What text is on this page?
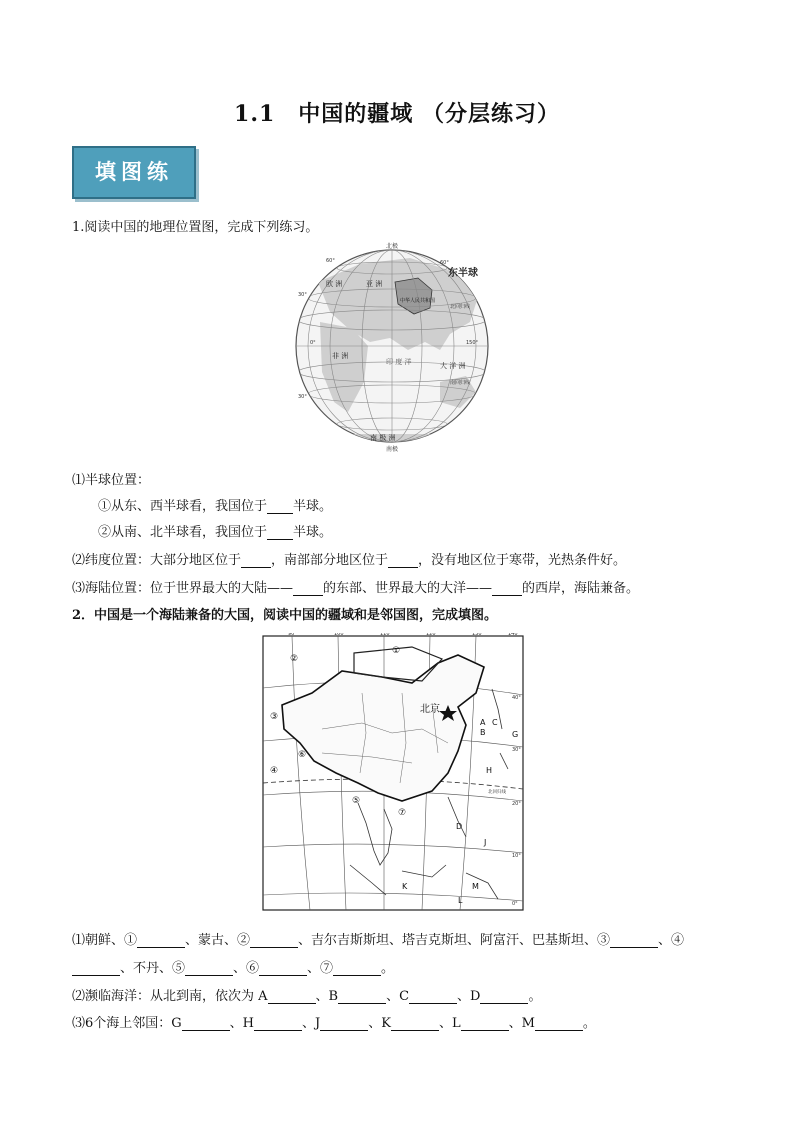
1.1　中国的疆域 （分层练习）
填图练
1.阅读中国的地理位置图，完成下列练习。
北极
南极
东半球
中华人民共和国
北回归线
南回归线
60°
30°
0°
30°
60°
150°
亚 洲
欧 洲
非 洲
大 洋 洲
南 极 洲
印 度 洋
⑴半球位置：
①从东、西半球看，我国位于 半球。
②从南、北半球看，我国位于 半球。
⑵纬度位置：大部分地区位于 ，南部部分地区位于 ，没有地区位于寒带，光热条件好。
⑶海陆位置：位于世界最大的大陆—— 的东部、世界最大的大洋—— 的西岸，海陆兼备。
2．中国是一个海陆兼备的大国，阅读中国的疆域和是邻国图，完成填图。
北京
90°	100°	110°	120°	130°	140°
40°
30°
20°
10°
0°
北回归线
①
②
③
④
⑤
⑥
⑦
A
B
C
D
G
H
J
K
L
M
⑴朝鲜、①	、蒙古、②	、吉尔吉斯斯坦、塔吉克斯坦、阿富汗、巴基斯坦、③	、④
、不丹、⑤	、⑥	、⑦	。
⑵濒临海洋：从北到南，依次为 A	、B	、C	、D	。
⑶6个海上邻国：G	、H	、J	、K	、L	、M	。
